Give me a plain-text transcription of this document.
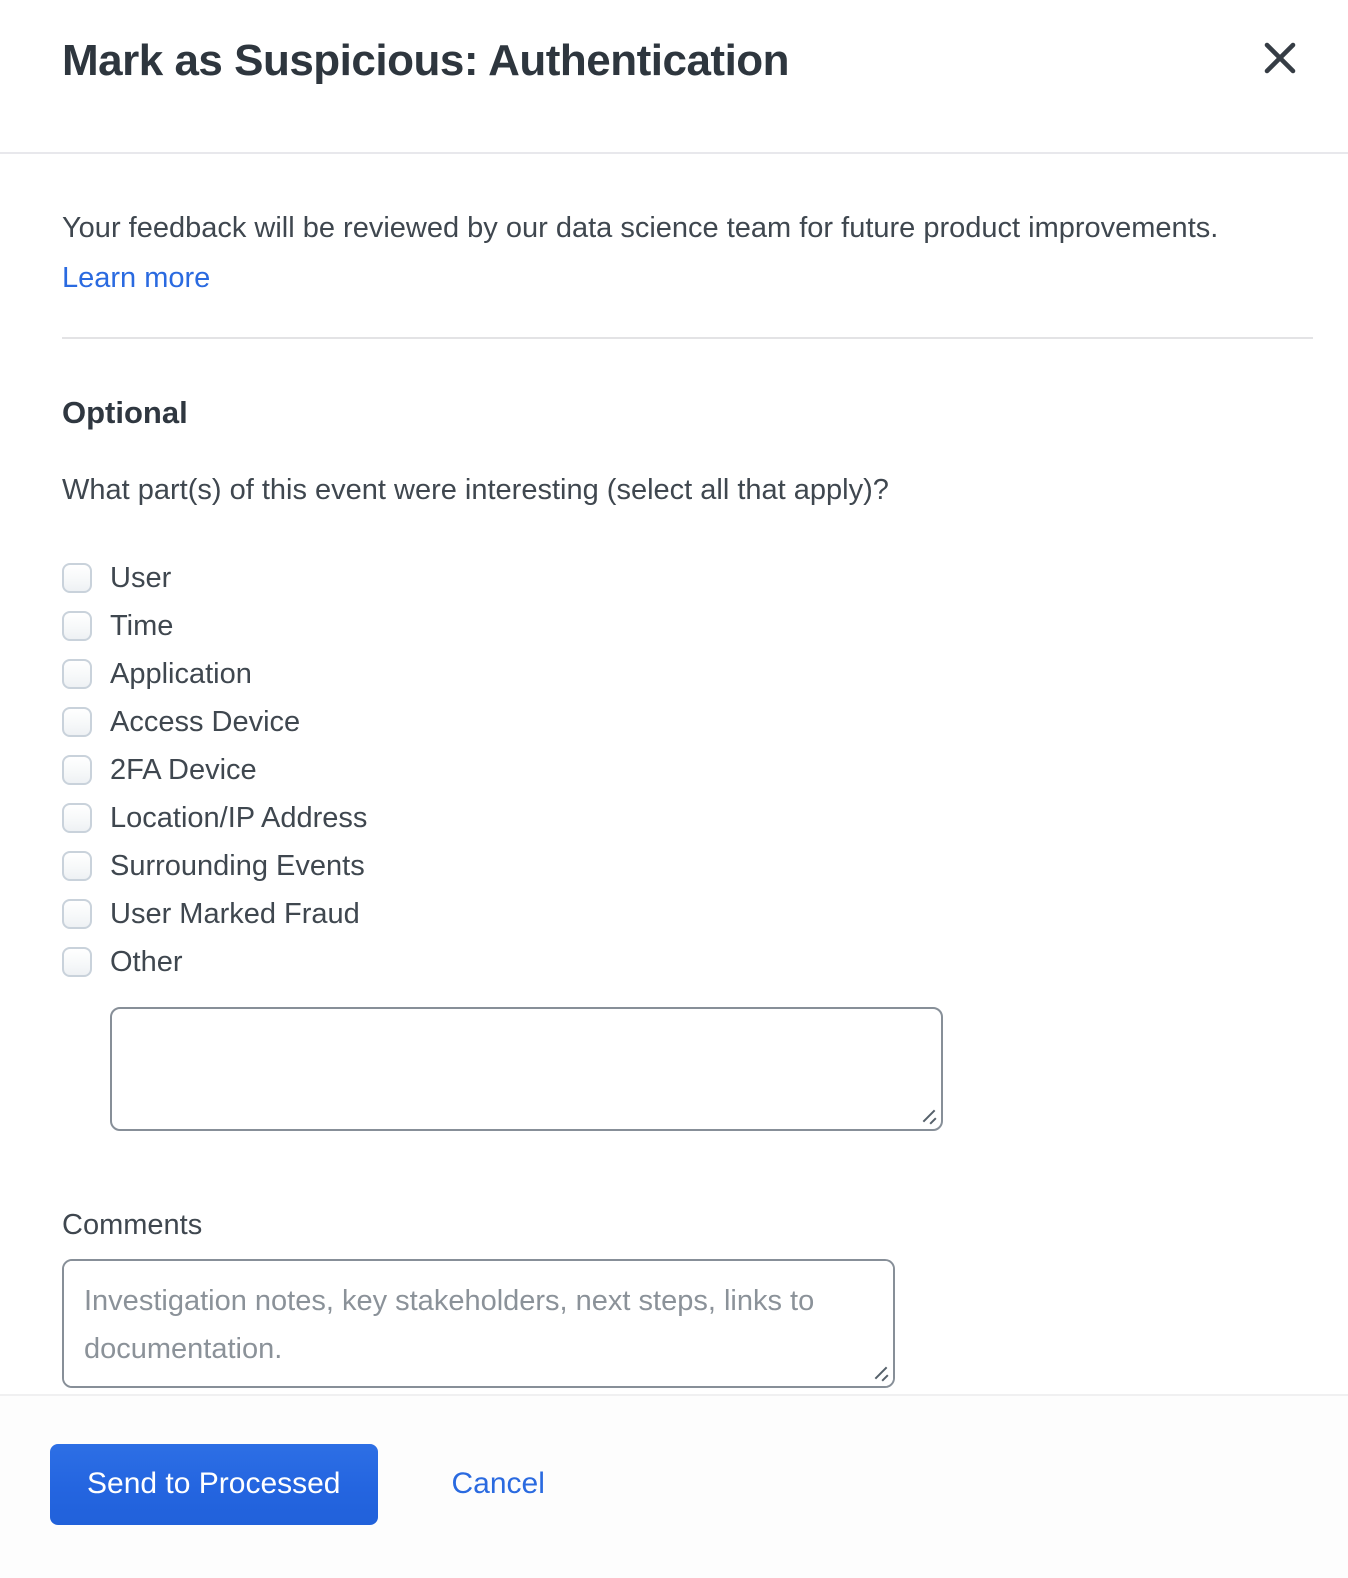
Mark as Suspicious: Authentication

Your feedback will be reviewed by our data science team for future product improvements.

Learn more
Optional

What part(s) of this event were interesting (select all that apply)?

User
Time
Application
Access Device
2FA Device
Location/IP Address
Surrounding Events
User Marked Fraud
Other
Comments
Investigation notes, key stakeholders, next steps, links to documentation.
Send to Processed	Cancel
